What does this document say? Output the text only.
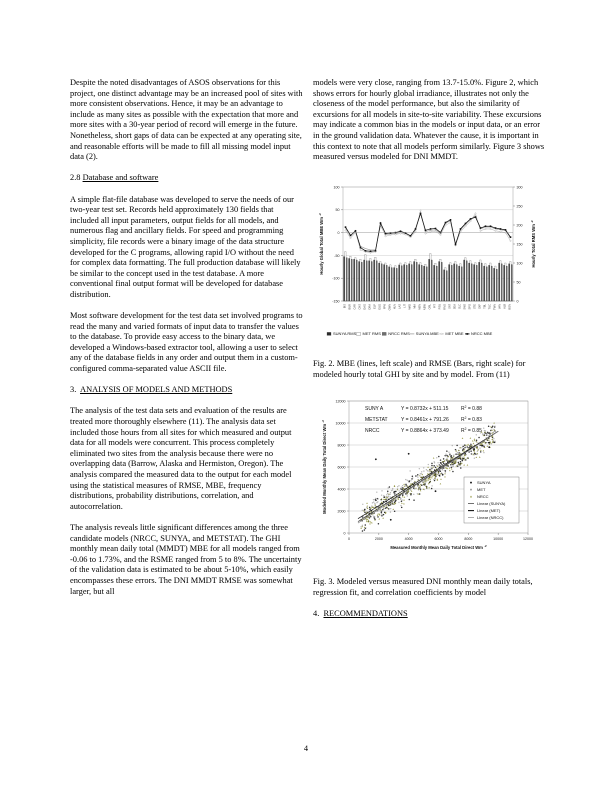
Despite the noted disadvantages of ASOS observations for this project, one distinct advantage may be an increased pool of sites with more consistent observations. Hence, it may be an advantage to include as many sites as possible with the expectation that more and more sites with a 30-year period of record will emerge in the future. Nonetheless, short gaps of data can be expected at any operating site, and reasonable efforts will be made to fill all missing model input data (2).

2.8 Database and software

A simple flat-file database was developed to serve the needs of our two-year test set. Records held approximately 130 fields that included all input parameters, output fields for all models, and numerous flag and ancillary fields. For speed and programming simplicity, file records were a binary image of the data structure developed for the C programs, allowing rapid I/O without the need for complex data formatting. The full production database will likely be similar to the concept used in the test database. A more conventional final output format will be developed for database distribution.

Most software development for the test data set involved programs to read the many and varied formats of input data to transfer the values to the database. To provide easy access to the binary data, we developed a Windows-based extractor tool, allowing a user to select any of the database fields in any order and output them in a custom-configured comma-separated value ASCII file.

3. ANALYSIS OF MODELS AND METHODS

The analysis of the test data sets and evaluation of the results are treated more thoroughly elsewhere (11). The analysis data set included those hours from all sites for which measured and output data for all models were concurrent. This process completely eliminated two sites from the analysis because there were no overlapping data (Barrow, Alaska and Hermiston, Oregon). The analysis compared the measured data to the output for each model using the statistical measures of RMSE, MBE, frequency distributions, probability distributions, correlation, and autocorrelation.

The analysis reveals little significant differences among the three candidate models (NRCC, SUNYA, and METSTAT). The GHI monthly mean daily total (MMDT) MBE for all models ranged from -0.06 to 1.73%, and the RSME ranged from 5 to 8%. The uncertainty of the validation data is estimated to be about 5-10%, which easily encompasses these errors. The DNI MMDT RMSE was somewhat larger, but all

models were very close, ranging from 13.7-15.0%. Figure 2, which shows errors for hourly global irradiance, illustrates not only the closeness of the model performance, but also the similarity of excursions for all models in site-to-site variability. These excursions may indicate a common bias in the models or input data, or an error in the ground validation data. Whatever the cause, it is important in this context to note that all models perform similarly. Figure 3 shows measured versus modeled for DNI MMDT.

-150
-100
-50
0
50
100
0
50
100
150
200
250
300
BIS BUR CAR CHS DAG DRA ELP EUG FPK GWN HLN LAS LIT MAD MIA MSN NEW ORL PIT PSU RNO SAT SEA SLC SMS SPO STE SXF TBL TUC TWN VAN ALB BON
Hourly Global Total MBE Wm $^{-2}$
Hourly Total RMS Wm $^{-2}$
SUNYA RMS MET RMS NRCC RMS SUNYA MBE MET MBE NRCC MBE
Fig. 2. MBE (lines, left scale) and RMSE (Bars, right scale) for modeled hourly total GHI by site and by model. From (11)
0
2000
4000
6000
8000
10000
12000
0	2000	4000	6000	8000	10000	12000
SUNY A	Y = 0.8732x + 511.15	$R^2 = 0.88$
METSTAT	Y = 0.8461x + 791.26 $R^2 = 0.83$
NRCC	Y = 0.8864x + 373.49 $R^2 = 0.85$
SUNYA
MET
NRCC
Linear (SUNYA)
Linear (MET)
Linear (NRCC)
Measured Monthly Mean Daily Total Direct Wm $^{-2}$
Modeled Monthly Mean Daily Total Direct Wm $^{-2}$
Fig. 3. Modeled versus measured DNI monthly mean daily totals, regression fit, and correlation coefficients by model
4. RECOMMENDATIONS
4
